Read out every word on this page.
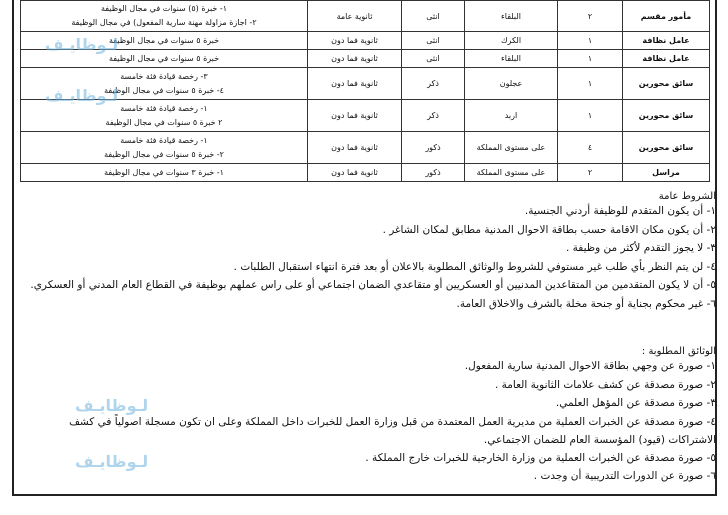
مأمور مقسم	٢	البلقاء	انثى	ثانوية عامة	١- خبرة (٥) سنوات في مجال الوظيفة
٢- اجازة مزاولة مهنة سارية المفعول) في مجال الوظيفة

عامل نظافة	١	الكرك	انثى	ثانوية فما دون	خبرة ٥ سنوات في مجال الوظيفة

عامل نظافة	١	البلقاء	انثى	ثانوية فما دون	خبرة ٥ سنوات في مجال الوظيفة

سائق محورين	١	عجلون	ذكر	ثانوية فما دون	٣- رخصة قيادة فئة خامسة
٤- خبرة ٥ سنوات في مجال الوظيفة

سائق محورين	١	اربد	ذكر	ثانوية فما دون	١- رخصة قيادة فئة خامسة
٢ خبرة ٥ سنوات في مجال الوظيفة

سائق محورين	٤	على مستوى المملكة	ذكور	ثانوية فما دون	١- رخصة قيادة فئة خامسة
٢- خبرة ٥ سنوات في مجال الوظيفة

مراسل	٢	على مستوى المملكة	ذكور	ثانوية فما دون	١- خبرة ٣ سنوات في مجال الوظيفة
الشروط عامة
١- أن يكون المتقدم للوظيفة أردني الجنسية.
٢- أن يكون مكان الاقامة حسب بطاقة الاحوال المدنية مطابق لمكان الشاغر .
٣- لا يجوز التقدم لأكثر من وظيفة .
٤- لن يتم النظر بأي طلب غير مستوفي للشروط والوثائق المطلوبة بالاعلان أو بعد فترة انتهاء استقبال الطلبات .
٥- أن لا يكون المتقدمين من المتقاعدين المدنيين أو العسكريين أو متقاعدي الضمان اجتماعي أو على راس عملهم بوظيفة في القطاع العام المدني أو العسكري.
٦- غير محكوم بجناية أو جنحة مخلة بالشرف والاخلاق العامة.
الوثائق المطلوبة :
١- صورة عن وجهي بطاقة الاحوال المدنية سارية المفعول.
٢- صورة مصدقة عن كشف علامات الثانوية العامة .
٣- صورة مصدقة عن المؤهل العلمي.
٤- صورة مصدقة عن الخبرات العملية من مديرية العمل المعتمدة من قبل وزارة العمل للخبرات داخل المملكة وعلى ان تكون مسجلة اصولياً في كشف الاشتراكات (قيود) المؤسسة العام للضمان الاجتماعي.
٥- صورة مصدقة عن الخبرات العملية من وزارة الخارجية للخبرات خارج المملكة .
٦- صورة عن الدورات التدريبية أن وجدت .
لـوظايـف
لـوظايـف
لـوظايـف
لـوظايـف
